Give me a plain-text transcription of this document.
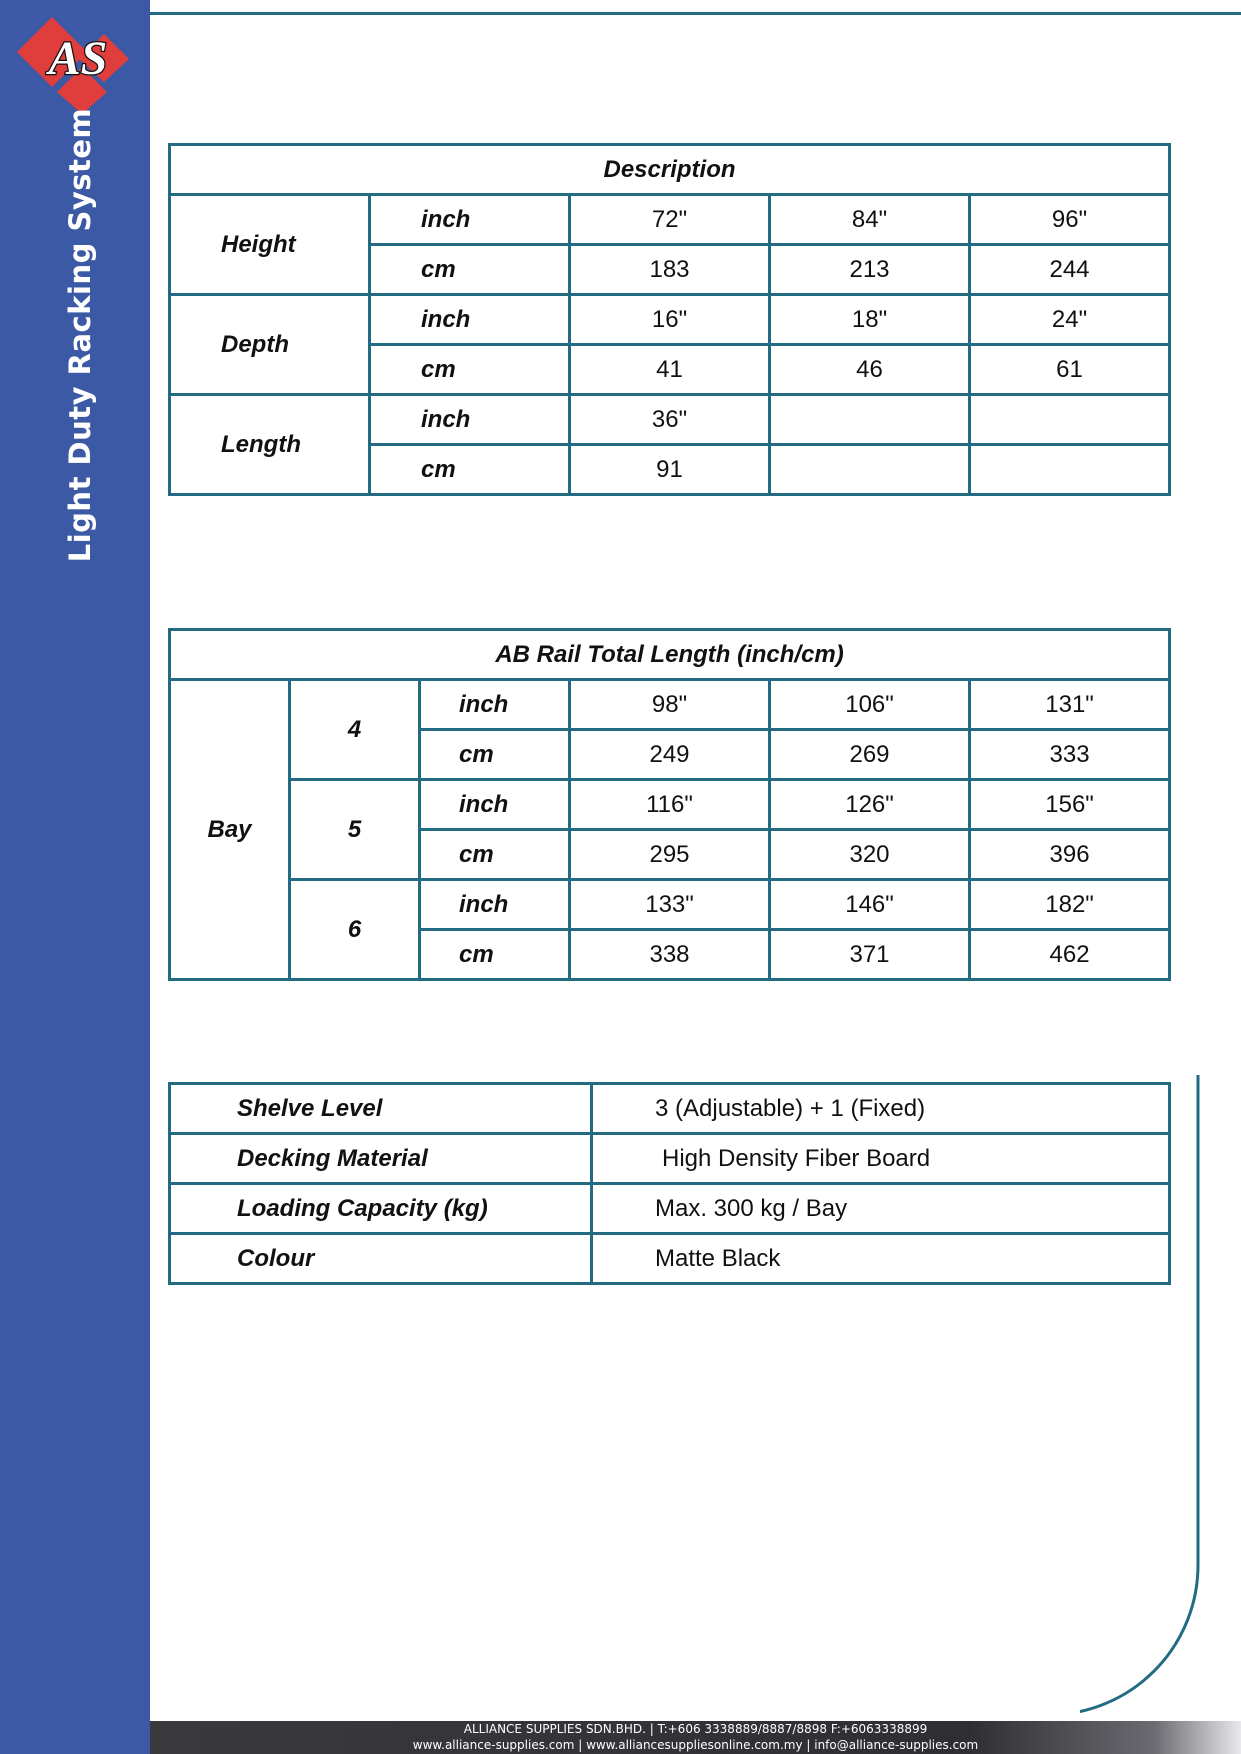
AS
Light Duty Racking System	Description				
Height	inch	72"	84"	96"
	cm	183	213	244
Depth	inch	16"	18"	24"
	cm	41	46	61
Length	inch	36"		
	cm	91		
AB Rail Total Length (inch/cm)					
Bay	4	inch	98"	106"	131"
		cm	249	269	333
	5	inch	116"	126"	156"
		cm	295	320	396
	6	inch	133"	146"	182"
		cm	338	371	462
Shelve Level	3 (Adjustable) + 1 (Fixed)
Decking Material	High Density Fiber Board
Loading Capacity (kg)	Max. 300 kg / Bay
Colour	Matte Black
ALLIANCE SUPPLIES SDN.BHD. | T:+606 3338889/8887/8898 F:+6063338899
www.alliance-supplies.com | www.alliancesuppliesonline.com.my | info@alliance-supplies.com
